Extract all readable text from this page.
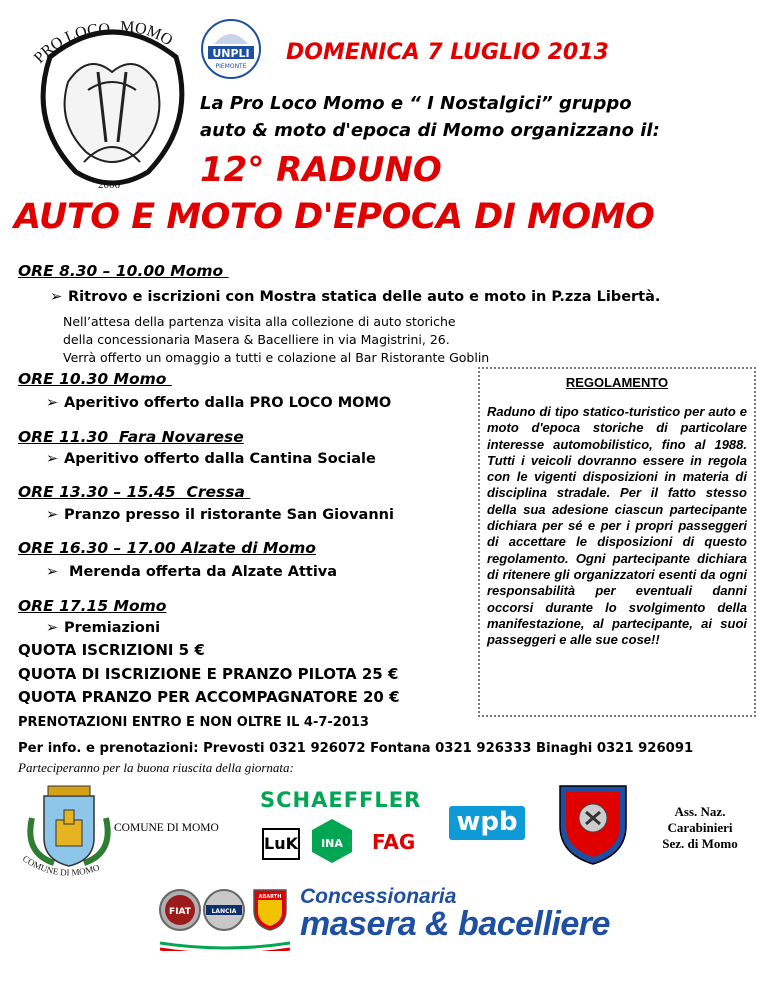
PRO LOCO MOMO
2006
UNPLI
PIEMONTE
DOMENICA 7 LUGLIO 2013
La Pro Loco Momo e “ I Nostalgici” gruppo
auto & moto d'epoca di Momo organizzano il:
12° RADUNO
AUTO E MOTO D'EPOCA DI MOMO
ORE 8.30 – 10.00 Momo
➢ Ritrovo e iscrizioni con Mostra statica delle auto e moto in P.zza Libertà.
Nell’attesa della partenza visita alla collezione di auto storiche
della concessionaria Masera & Bacelliere in via Magistrini, 26.
Verrà offerto un omaggio a tutti e colazione al Bar Ristorante Goblin
ORE 10.30 Momo
➢ Aperitivo offerto dalla PRO LOCO MOMO
ORE 11.30  Fara Novarese
➢ Aperitivo offerto dalla Cantina Sociale
ORE 13.30 – 15.45  Cressa
➢ Pranzo presso il ristorante San Giovanni
ORE 16.30 – 17.00 Alzate di Momo
➢ Merenda offerta da Alzate Attiva
ORE 17.15 Momo
➢ Premiazioni
QUOTA ISCRIZIONI 5 €
QUOTA DI ISCRIZIONE E PRANZO PILOTA 25 €
QUOTA PRANZO PER ACCOMPAGNATORE 20 €
PRENOTAZIONI ENTRO E NON OLTRE IL 4-7-2013
REGOLAMENTO
Raduno di tipo statico-turistico per auto e moto d'epoca storiche di particolare interesse automobilistico, fino al 1988. Tutti i veicoli dovranno essere in regola con le vigenti disposizioni in materia di disciplina stradale. Per il fatto stesso della sua adesione ciascun partecipante dichiara per sé e per i propri passeggeri di accettare le disposizioni di questo regolamento. Ogni partecipante dichiara di ritenere gli organizzatori esenti da ogni responsabilità per eventuali danni occorsi durante lo svolgimento della manifestazione, al partecipante, ai suoi passeggeri e alle sue cose!!
Per info. e prenotazioni: Prevosti 0321 926072 Fontana 0321 926333 Binaghi 0321 926091
Parteciperanno per la buona riuscita della giornata:
COMUNE DI MOMO
COMUNE DI MOMO
SCHAEFFLER
LuK INA FAG
wpb	Ass. Naz.
Carabinieri
Sez. di Momo
FIAT	LANCIA
ABARTH Concessionaria
masera & bacelliere
